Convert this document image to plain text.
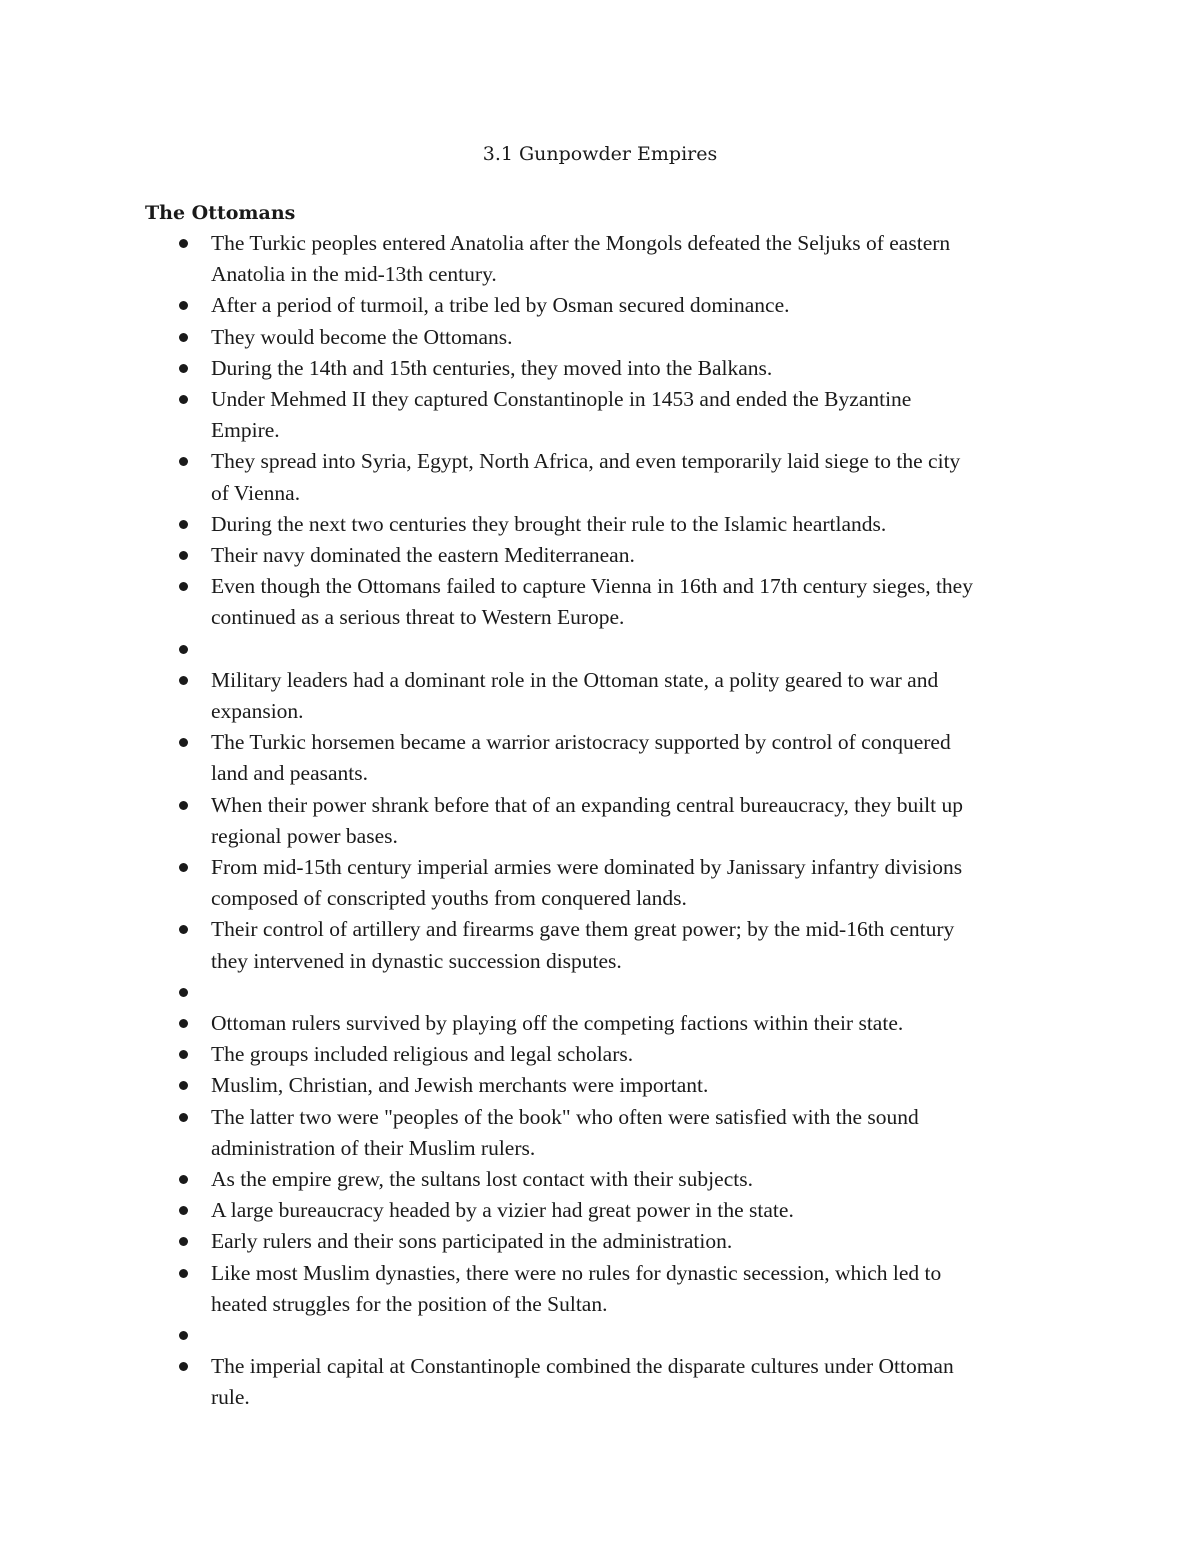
3.1 Gunpowder Empires
The Ottomans
The Turkic peoples entered Anatolia after the Mongols defeated the Seljuks of eastern
Anatolia in the mid-13th century.
After a period of turmoil, a tribe led by Osman secured dominance.
They would become the Ottomans.
During the 14th and 15th centuries, they moved into the Balkans.
Under Mehmed II they captured Constantinople in 1453 and ended the Byzantine
Empire.
They spread into Syria, Egypt, North Africa, and even temporarily laid siege to the city
of Vienna.
During the next two centuries they brought their rule to the Islamic heartlands.
Their navy dominated the eastern Mediterranean.
Even though the Ottomans failed to capture Vienna in 16th and 17th century sieges, they
continued as a serious threat to Western Europe.
Military leaders had a dominant role in the Ottoman state, a polity geared to war and
expansion.
The Turkic horsemen became a warrior aristocracy supported by control of conquered
land and peasants.
When their power shrank before that of an expanding central bureaucracy, they built up
regional power bases.
From mid-15th century imperial armies were dominated by Janissary infantry divisions
composed of conscripted youths from conquered lands.
Their control of artillery and firearms gave them great power; by the mid-16th century
they intervened in dynastic succession disputes.
Ottoman rulers survived by playing off the competing factions within their state.
The groups included religious and legal scholars.
Muslim, Christian, and Jewish merchants were important.
The latter two were "peoples of the book" who often were satisfied with the sound
administration of their Muslim rulers.
As the empire grew, the sultans lost contact with their subjects.
A large bureaucracy headed by a vizier had great power in the state.
Early rulers and their sons participated in the administration.
Like most Muslim dynasties, there were no rules for dynastic secession, which led to
heated struggles for the position of the Sultan.
The imperial capital at Constantinople combined the disparate cultures under Ottoman
rule.
